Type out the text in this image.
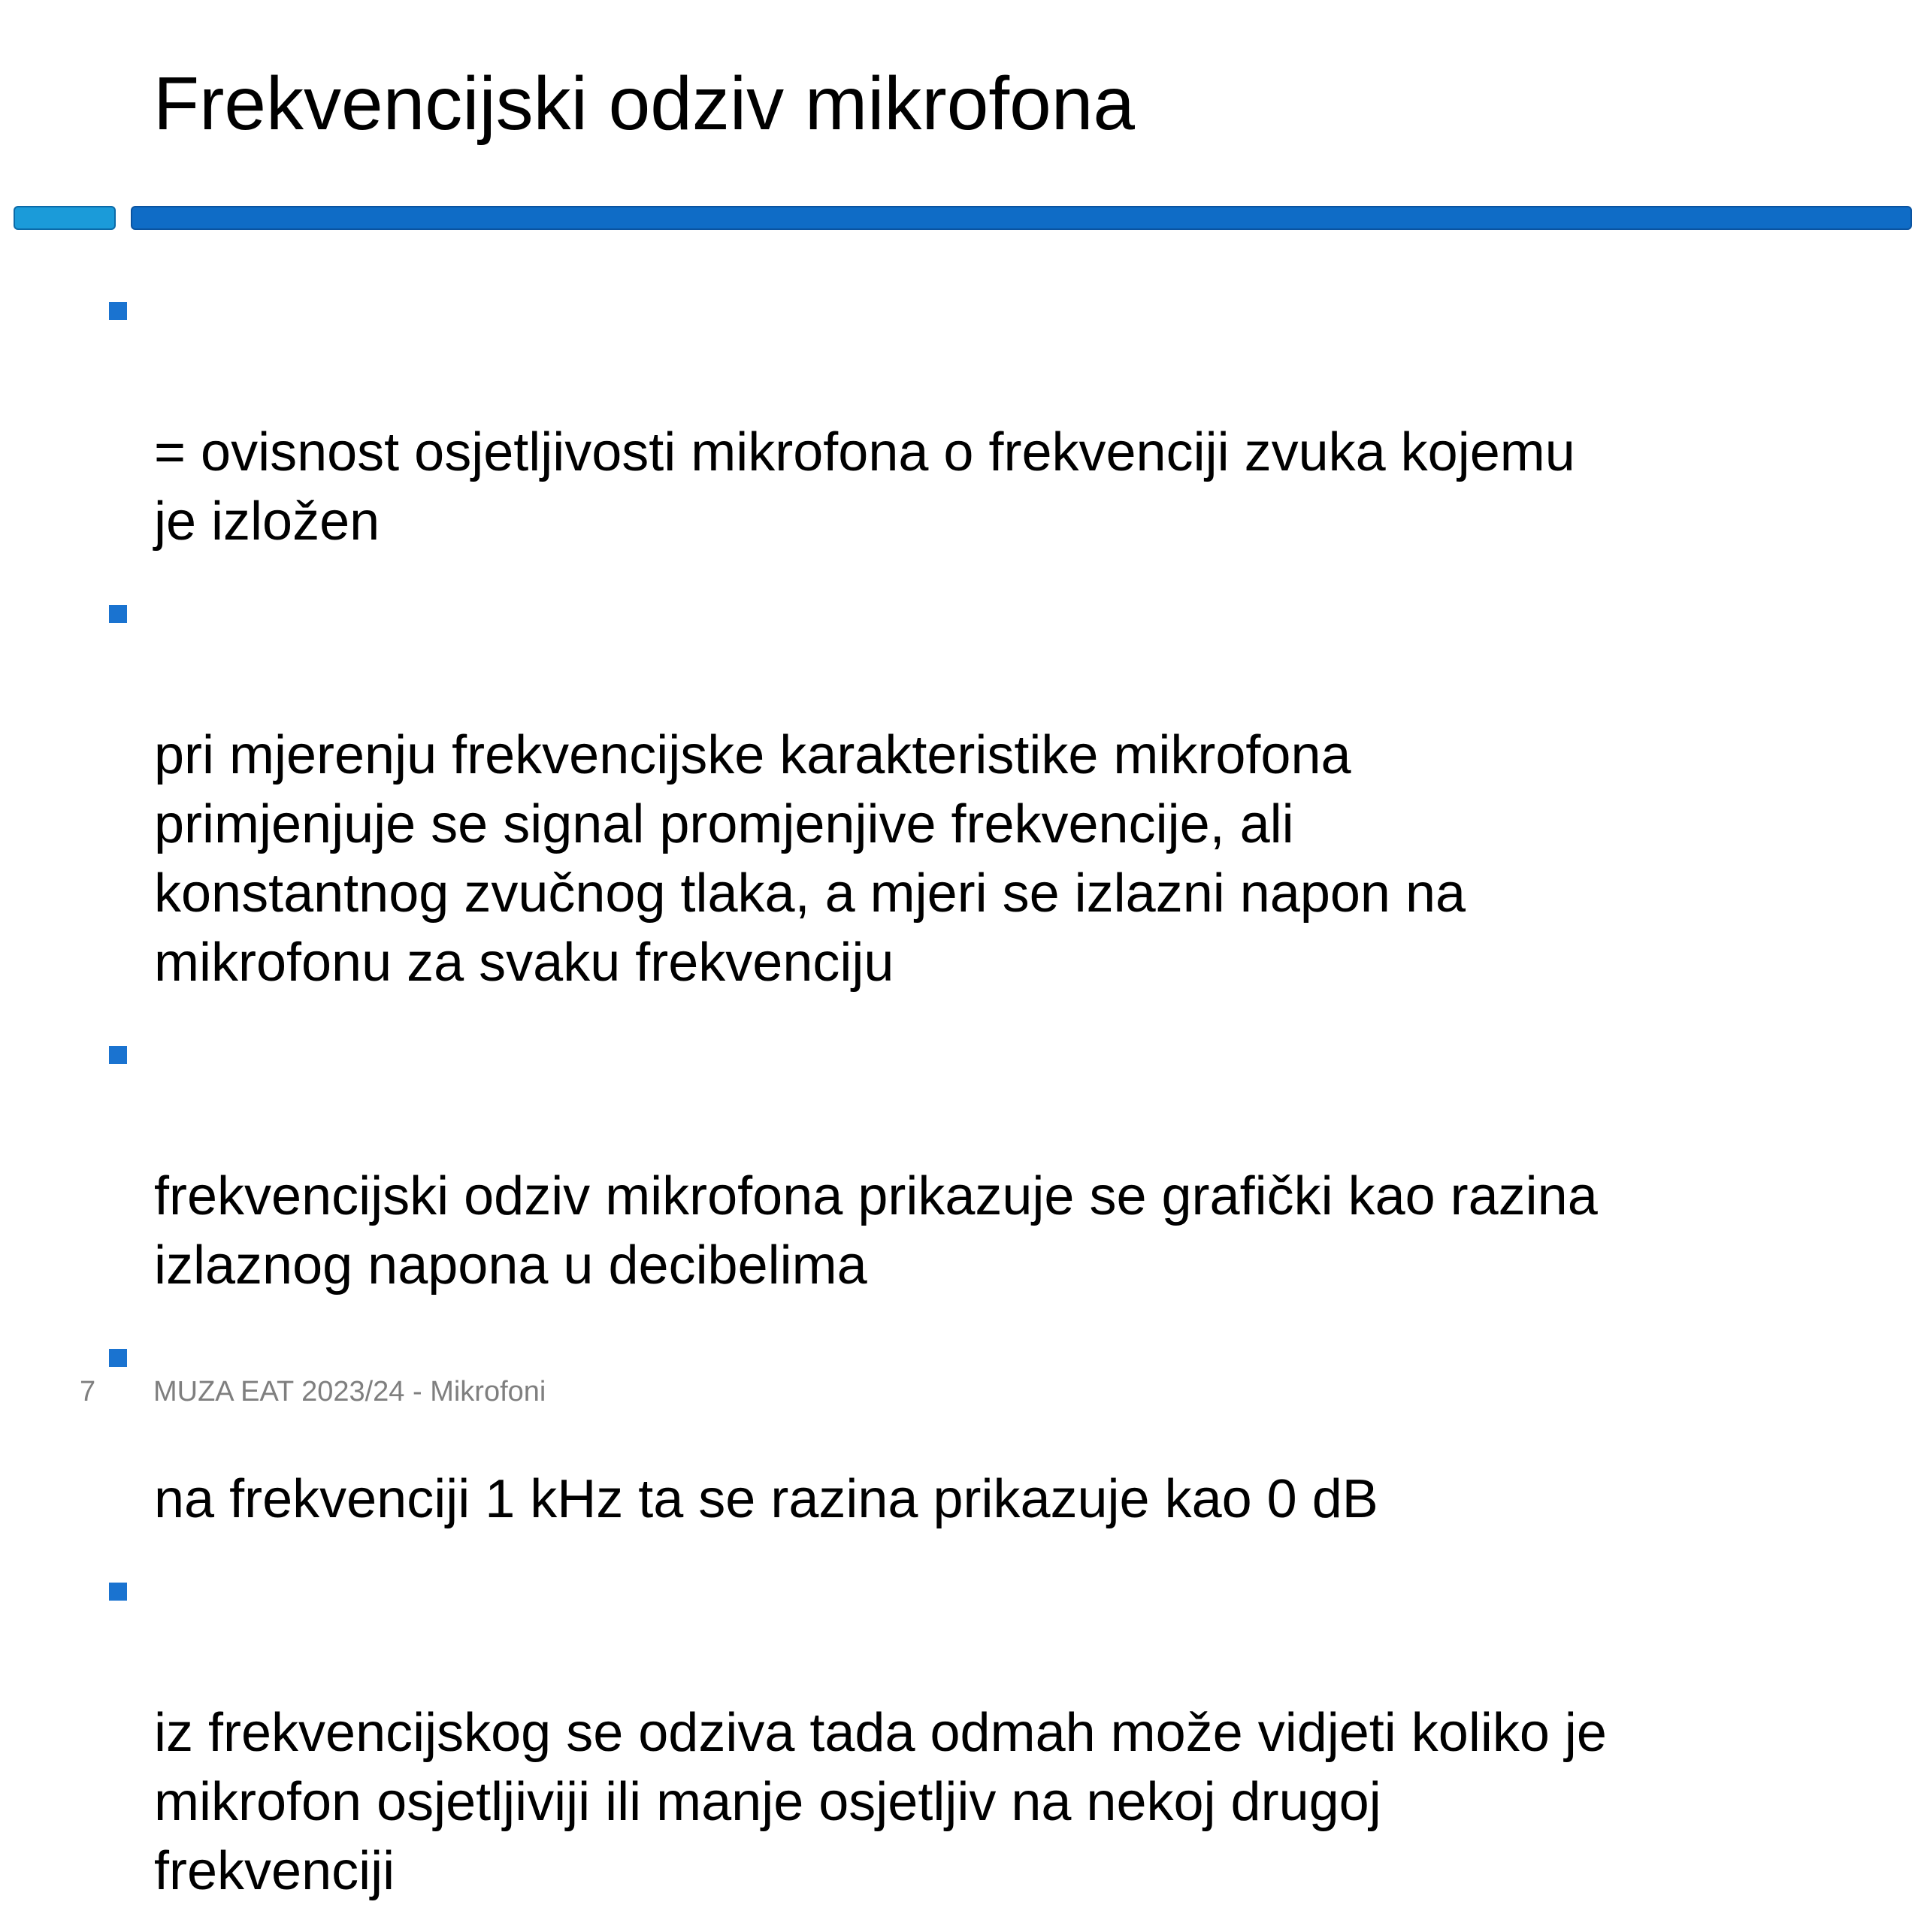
Frekvencijski odziv mikrofona

= ovisnost osjetljivosti mikrofona o frekvenciji zvuka kojemu
je izložen

pri mjerenju frekvencijske karakteristike mikrofona
primjenjuje se signal promjenjive frekvencije, ali
konstantnog zvučnog tlaka, a mjeri se izlazni napon na
mikrofonu za svaku frekvenciju

frekvencijski odziv mikrofona prikazuje se grafički kao razina
izlaznog napona u decibelima

na frekvenciji 1 kHz ta se razina prikazuje kao 0 dB

iz frekvencijskog se odziva tada odmah može vidjeti koliko je
mikrofon osjetljiviji ili manje osjetljiv na nekoj drugoj
frekvenciji

7 MUZA EAT 2023/24 - Mikrofoni
